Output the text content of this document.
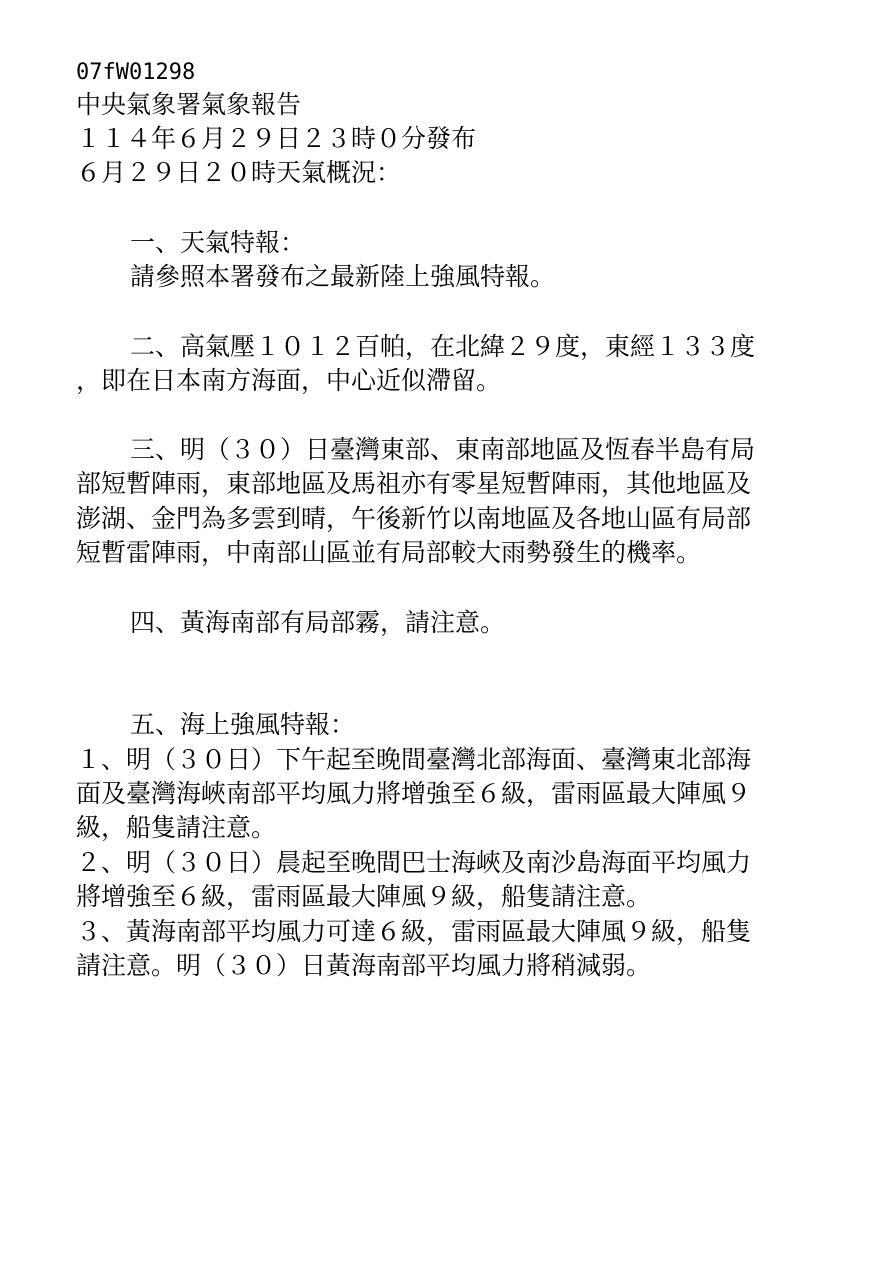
07fW01298
中央氣象署氣象報告
１１４年６月２９日２３時０分發布
６月２９日２０時天氣概況：
一、天氣特報：
請參照本署發布之最新陸上強風特報。
二、高氣壓１０１２百帕，在北緯２９度，東經１３３度
，即在日本南方海面，中心近似滯留。
三、明（３０）日臺灣東部、東南部地區及恆春半島有局
部短暫陣雨，東部地區及馬祖亦有零星短暫陣雨，其他地區及
澎湖、金門為多雲到晴，午後新竹以南地區及各地山區有局部
短暫雷陣雨，中南部山區並有局部較大雨勢發生的機率。
四、黃海南部有局部霧，請注意。
五、海上強風特報：
１、明（３０日）下午起至晚間臺灣北部海面、臺灣東北部海
面及臺灣海峽南部平均風力將增強至６級，雷雨區最大陣風９
級，船隻請注意。
２、明（３０日）晨起至晚間巴士海峽及南沙島海面平均風力
將增強至６級，雷雨區最大陣風９級，船隻請注意。
３、黃海南部平均風力可達６級，雷雨區最大陣風９級，船隻
請注意。明（３０）日黃海南部平均風力將稍減弱。
